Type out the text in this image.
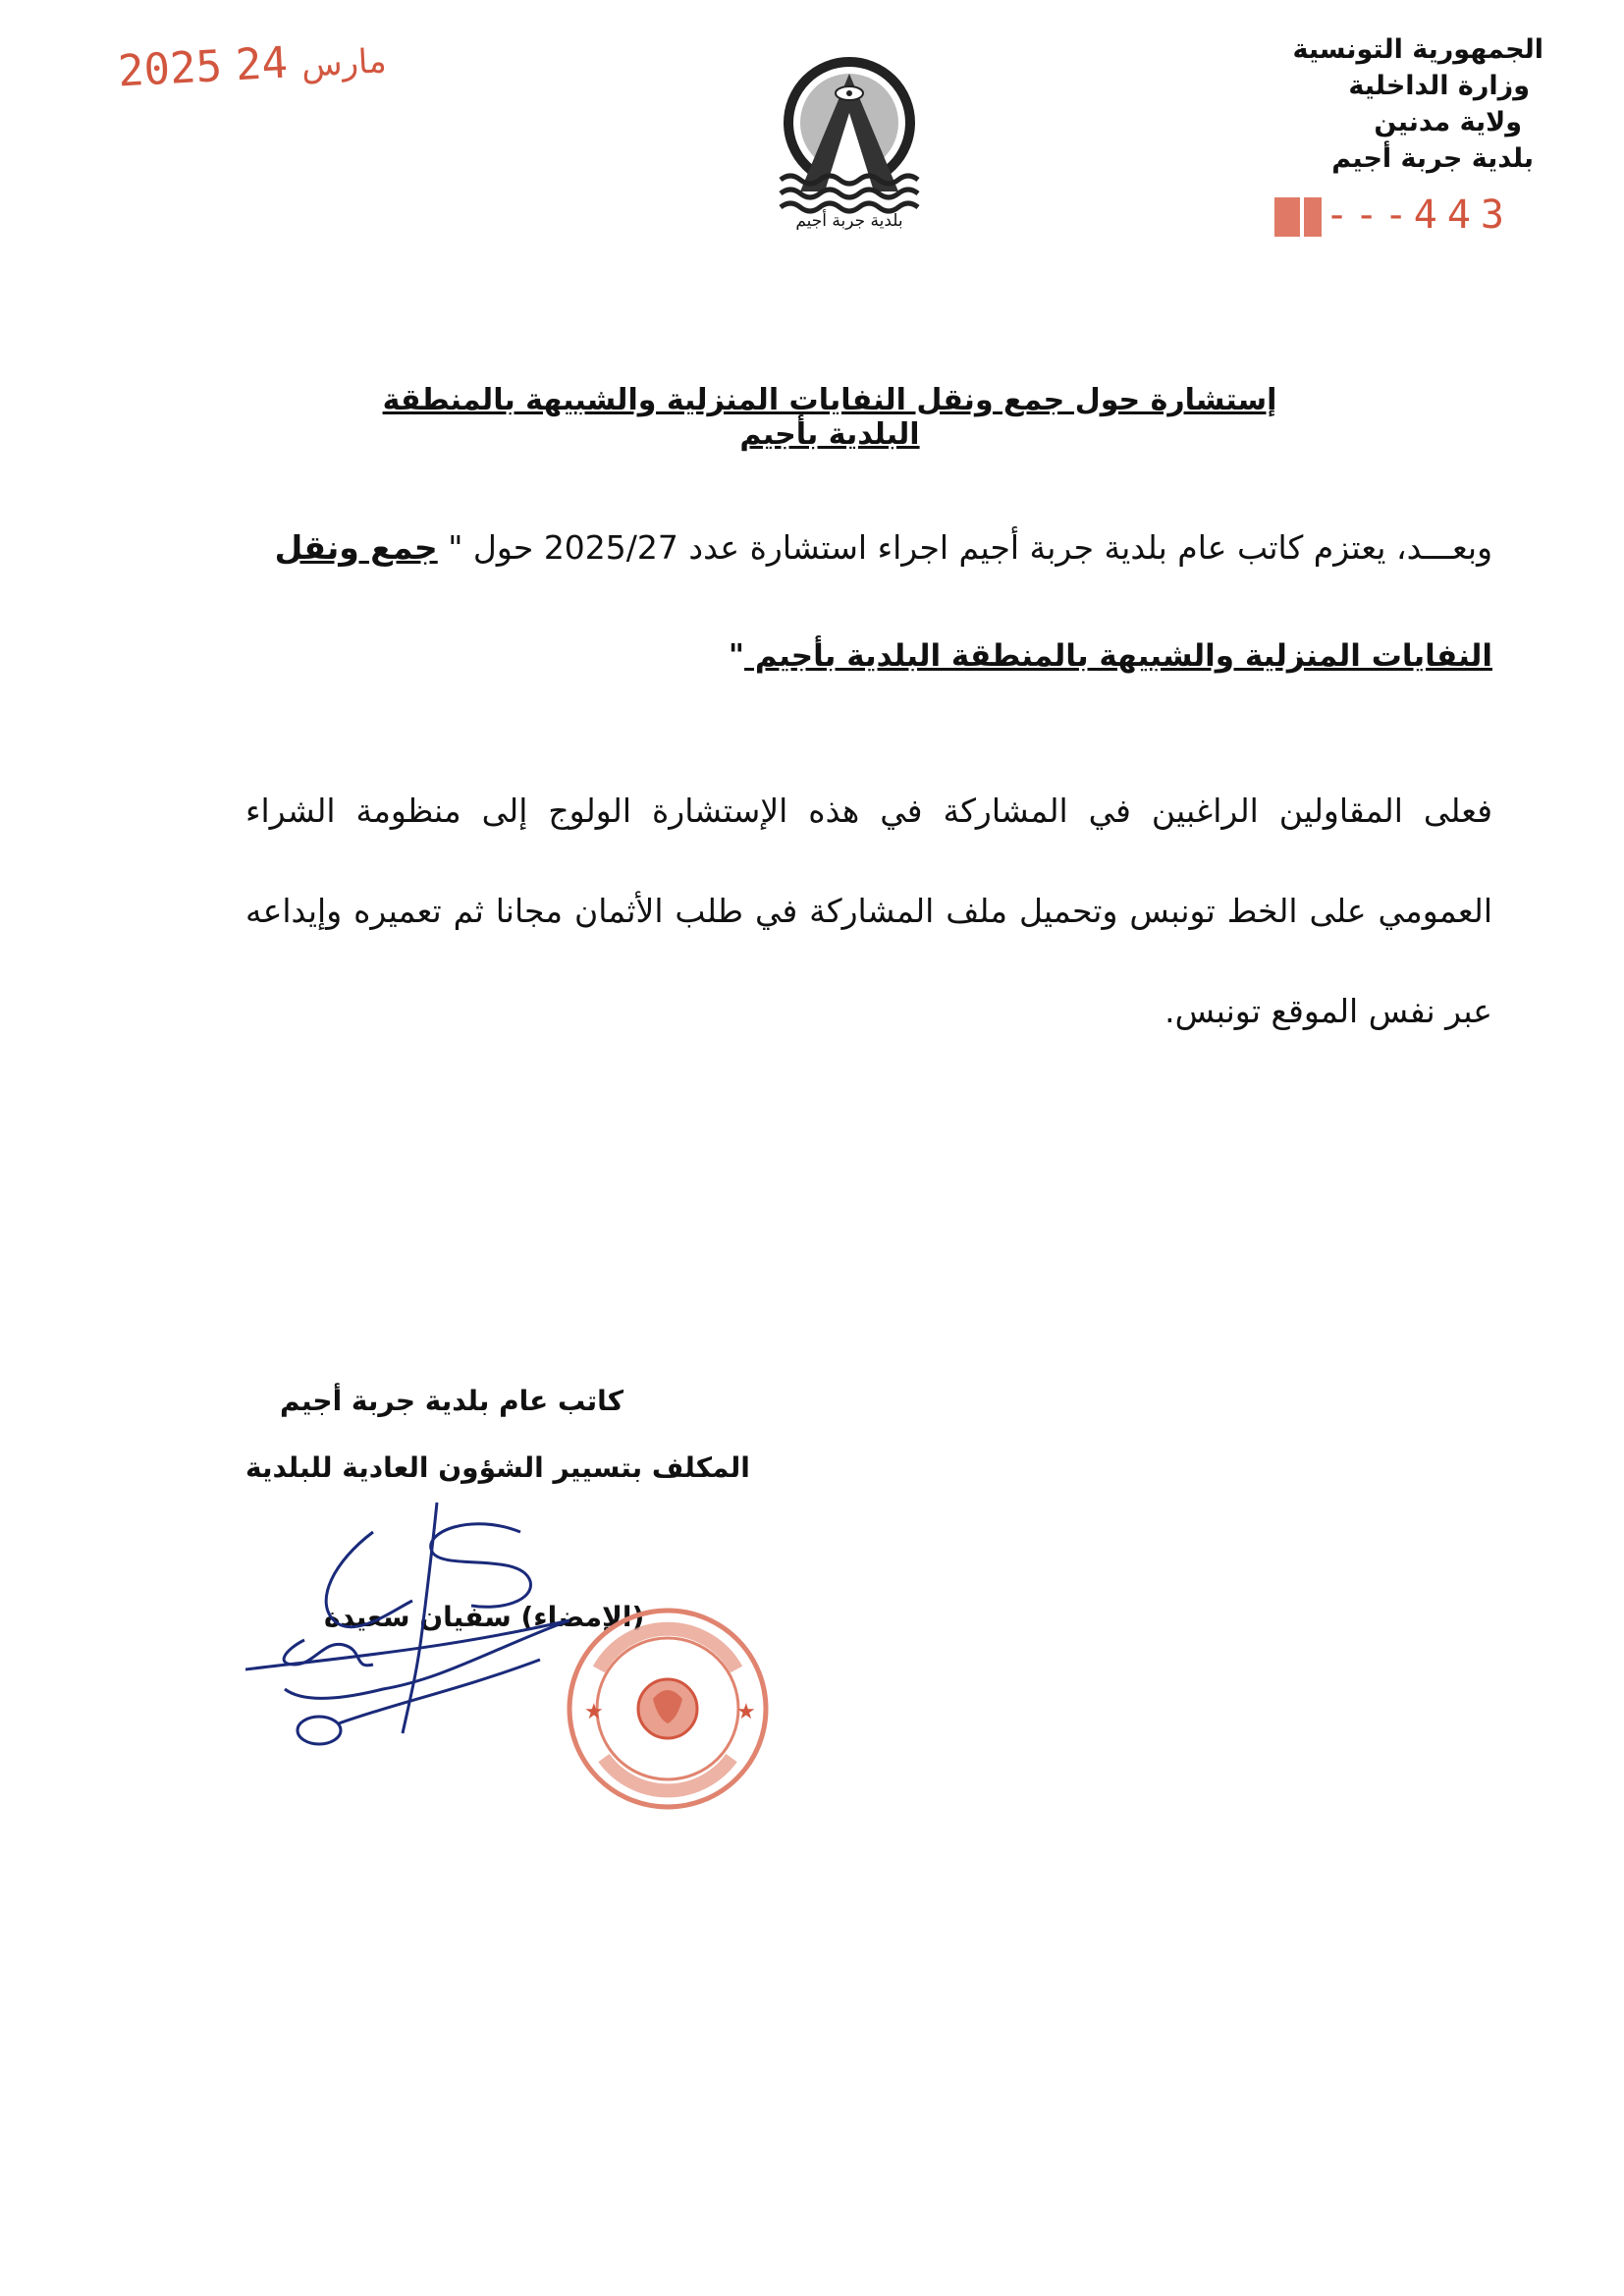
2025 مارس24
بلدية جربة أجيم
الجمهورية التونسية
وزارة الداخلية
ولاية مدنين
بلدية جربة أجيم
---443
إستشارة حول جمع ونقل النفايات المنزلية والشبيهة بالمنطقة البلدية بأجيم
وبعـــد، يعتزم كاتب عام بلدية جربة أجيم اجراء استشارة عدد 2025/27 حول " جمع ونقل
النفايات المنزلية والشبيهة بالمنطقة البلدية بأجيم "
فعلى المقاولين الراغبين في المشاركة في هذه الإستشارة الولوج إلى منظومة الشراء العمومي على الخط تونبس وتحميل ملف المشاركة في طلب الأثمان مجانا ثم تعميره وإيداعه عبر نفس الموقع تونبس.
كاتب عام بلدية جربة أجيم
المكلف بتسيير الشؤون العادية للبلدية
(الإمضاء) سفيان سعيدة
★	★
